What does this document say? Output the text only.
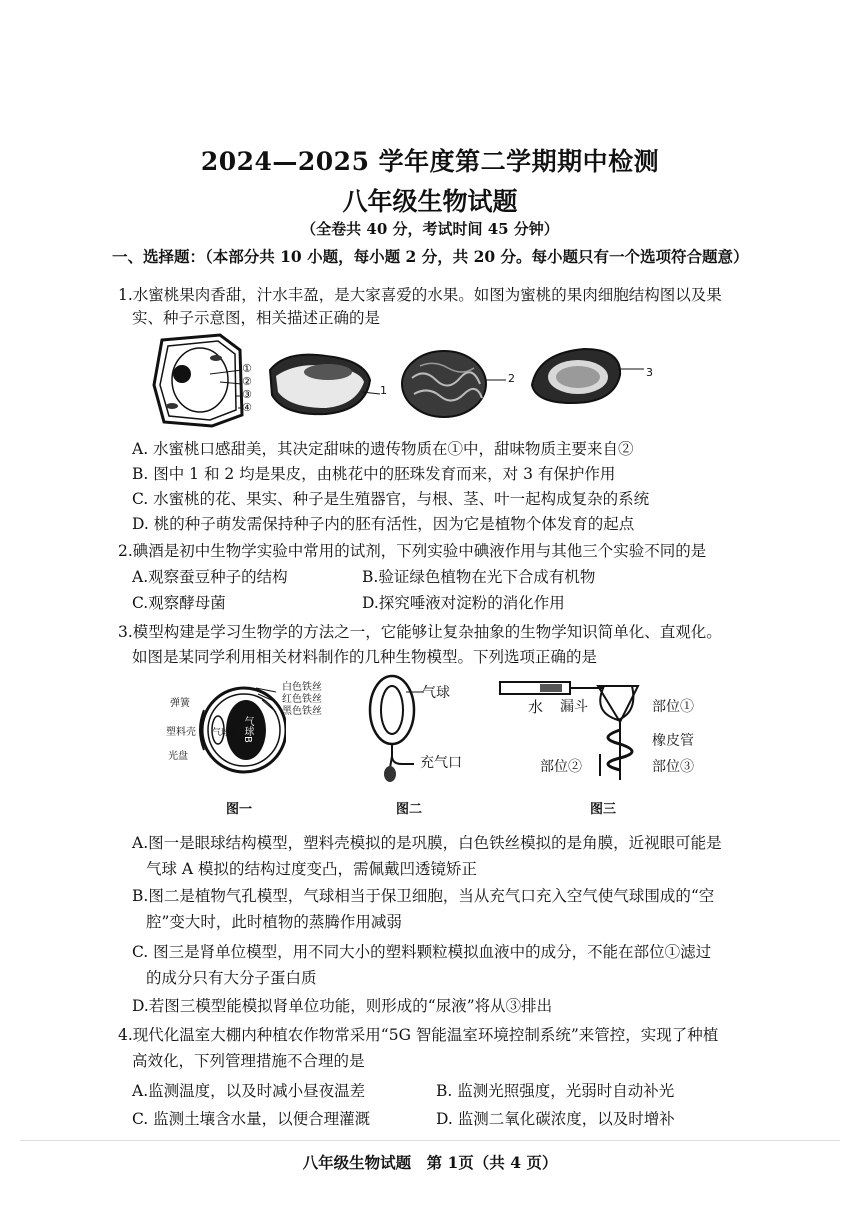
2024—2025 学年度第二学期期中检测
八年级生物试题
（全卷共 40 分，考试时间 45 分钟）
一、选择题：（本部分共 10 小题，每小题 2 分，共 20 分。每小题只有一个选项符合题意）
1.水蜜桃果肉香甜，汁水丰盈，是大家喜爱的水果。如图为蜜桃的果肉细胞结构图以及果
实、种子示意图，相关描述正确的是
①
②
③
④
1
2	3
A. 水蜜桃口感甜美，其决定甜味的遗传物质在①中，甜味物质主要来自②
B. 图中 1 和 2 均是果皮，由桃花中的胚珠发育而来，对 3 有保护作用
C. 水蜜桃的花、果实、种子是生殖器官，与根、茎、叶一起构成复杂的系统
D. 桃的种子萌发需保持种子内的胚有活性，因为它是植物个体发育的起点
2.碘酒是初中生物学实验中常用的试剂，下列实验中碘液作用与其他三个实验不同的是
A.观察蚕豆种子的结构	B.验证绿色植物在光下合成有机物
C.观察酵母菌	D.探究唾液对淀粉的消化作用
3.模型构建是学习生物学的方法之一，它能够让复杂抽象的生物学知识简单化、直观化。
如图是某同学利用相关材料制作的几种生物模型。下列选项正确的是
弹簧
塑料壳
光盘
白色铁丝
红色铁丝
黑色铁丝
气球B
气球A
气球
充气口
水 漏斗	部位①
橡皮管
部位②	部位③
图一	图二	图三
A.图一是眼球结构模型，塑料壳模拟的是巩膜，白色铁丝模拟的是角膜，近视眼可能是
气球 A 模拟的结构过度变凸，需佩戴凹透镜矫正
B.图二是植物气孔模型，气球相当于保卫细胞，当从充气口充入空气使气球围成的“空
腔”变大时，此时植物的蒸腾作用减弱
C. 图三是肾单位模型，用不同大小的塑料颗粒模拟血液中的成分，不能在部位①滤过
的成分只有大分子蛋白质
D.若图三模型能模拟肾单位功能，则形成的“尿液”将从③排出
4.现代化温室大棚内种植农作物常采用“5G 智能温室环境控制系统”来管控，实现了种植
高效化，下列管理措施不合理的是
A.监测温度，以及时减小昼夜温差	B. 监测光照强度，光弱时自动补光
C. 监测土壤含水量，以便合理灌溉	D. 监测二氧化碳浓度，以及时增补
八年级生物试题　第 1页（共 4 页）
